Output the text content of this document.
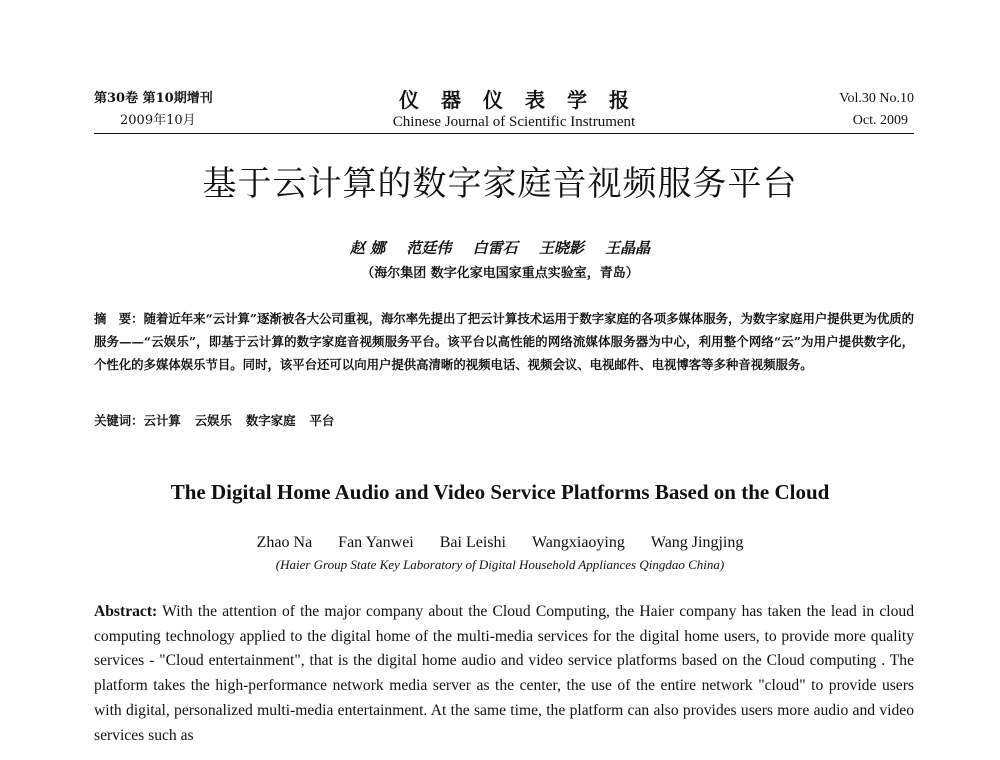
第30卷 第10期增刊
2009年10月
仪器仪表学报
Chinese Journal of Scientific Instrument
Vol.30 No.10
Oct. 2009
基于云计算的数字家庭音视频服务平台
赵 娜 范廷伟 白雷石 王晓影 王晶晶
（海尔集团 数字化家电国家重点实验室，青岛）
摘　要：随着近年来“云计算”逐渐被各大公司重视，海尔率先提出了把云计算技术运用于数字家庭的各项多媒体服务，为数字家庭用户提供更为优质的服务——“云娱乐”，即基于云计算的数字家庭音视频服务平台。该平台以高性能的网络流媒体服务器为中心，利用整个网络“云”为用户提供数字化，个性化的多媒体娱乐节目。同时，该平台还可以向用户提供高清晰的视频电话、视频会议、电视邮件、电视博客等多种音视频服务。
关键词：云计算 云娱乐 数字家庭 平台
The Digital Home Audio and Video Service Platforms Based on the Cloud
Zhao Na Fan Yanwei Bai Leishi Wangxiaoying Wang Jingjing
(Haier Group State Key Laboratory of Digital Household Appliances Qingdao China)
Abstract: With the attention of the major company about the Cloud Computing, the Haier company has taken the lead in cloud computing technology applied to the digital home of the multi-media services for the digital home users, to provide more quality services - "Cloud entertainment", that is the digital home audio and video service platforms based on the Cloud computing . The platform takes the high-performance network media server as the center, the use of the entire network "cloud" to provide users with digital, personalized multi-media entertainment. At the same time, the platform can also provides users more audio and video services such as
